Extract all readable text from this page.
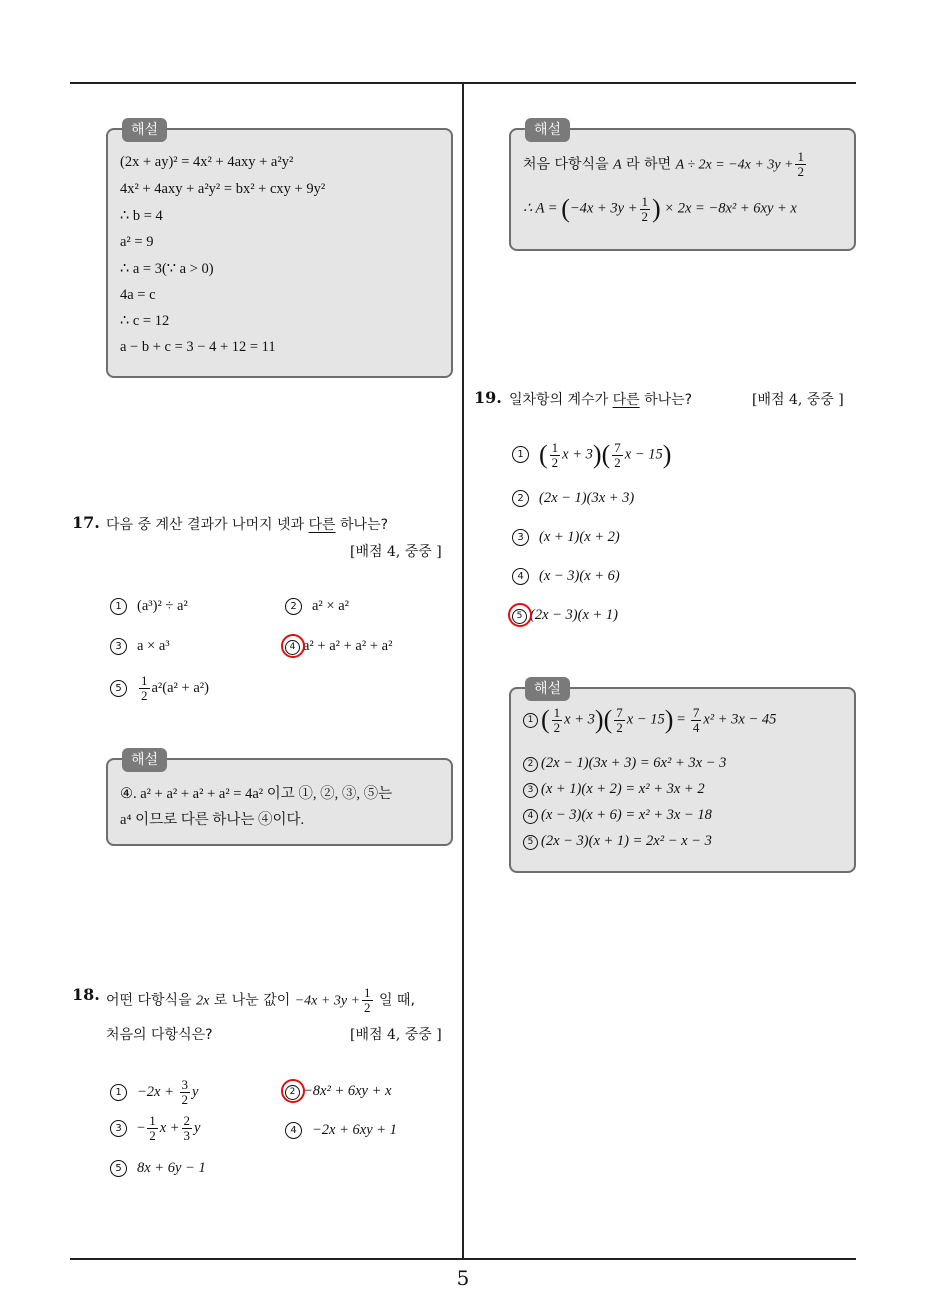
해설
(2x + ay)² = 4x² + 4axy + a²y²
4x² + 4axy + a²y² = bx² + cxy + 9y²
∴ b = 4
a² = 9
∴ a = 3(∵ a > 0)
4a = c
∴ c = 12
a − b + c = 3 − 4 + 12 = 11
17. 다음 중 계산 결과가 나머지 넷과 다른 하나는?
[배점 4, 중중 ]
1 (a³)² ÷ a²	2 a² × a²
3 a × a³	4 a² + a² + a² + a²
$5 \frac{1}{2} a^2(a^2 + a^2)$
해설
④. a² + a² + a² + a² = 4a² 이고 ①, ②, ③, ⑤는
a⁴ 이므로 다른 하나는 ④이다.
18. 어떤 다항식을 2x 로 나눈 값이 $-4x + 3y + \frac{1}{2}$ 일 때,
처음의 다항식은?	[배점 4, 중중 ]
$1 -2x + \frac{3}{2}$ y	2 −8x² + 6xy + x
$3 - \frac{1}{2}$ $x + \frac{2}{3}$ y	4 −2x + 6xy + 1
5 8x + 6y − 1
해설
처음 다항식을 A 라 하면 $A \div 2x = -4x + 3y + \frac{1}{2}$
∴ $A = (-4x + 3y + \frac{1}{2}$ ) × 2x = −8x² + 6xy + x
19. 일차항의 계수가 다른 하나는?	[배점 4, 중중 ]
1 ( $\frac{1}{2}$ $x + 3)( \frac{7}{2}$ x − 15)
2 (2x − 1)(3x + 3)
3 (x + 1)(x + 2)
4 (x − 3)(x + 6)
5 (2x − 3)(x + 1)
해설
1 ( $\frac{1}{2}$ $x + 3)( \frac{7}{2}$ $x - 15) = \frac{7}{4} x^2 + 3x - 45$
2 (2x − 1)(3x + 3) = 6x² + 3x − 3
3 (x + 1)(x + 2) = x² + 3x + 2
4 (x − 3)(x + 6) = x² + 3x − 18
5 (2x − 3)(x + 1) = 2x² − x − 3
5
